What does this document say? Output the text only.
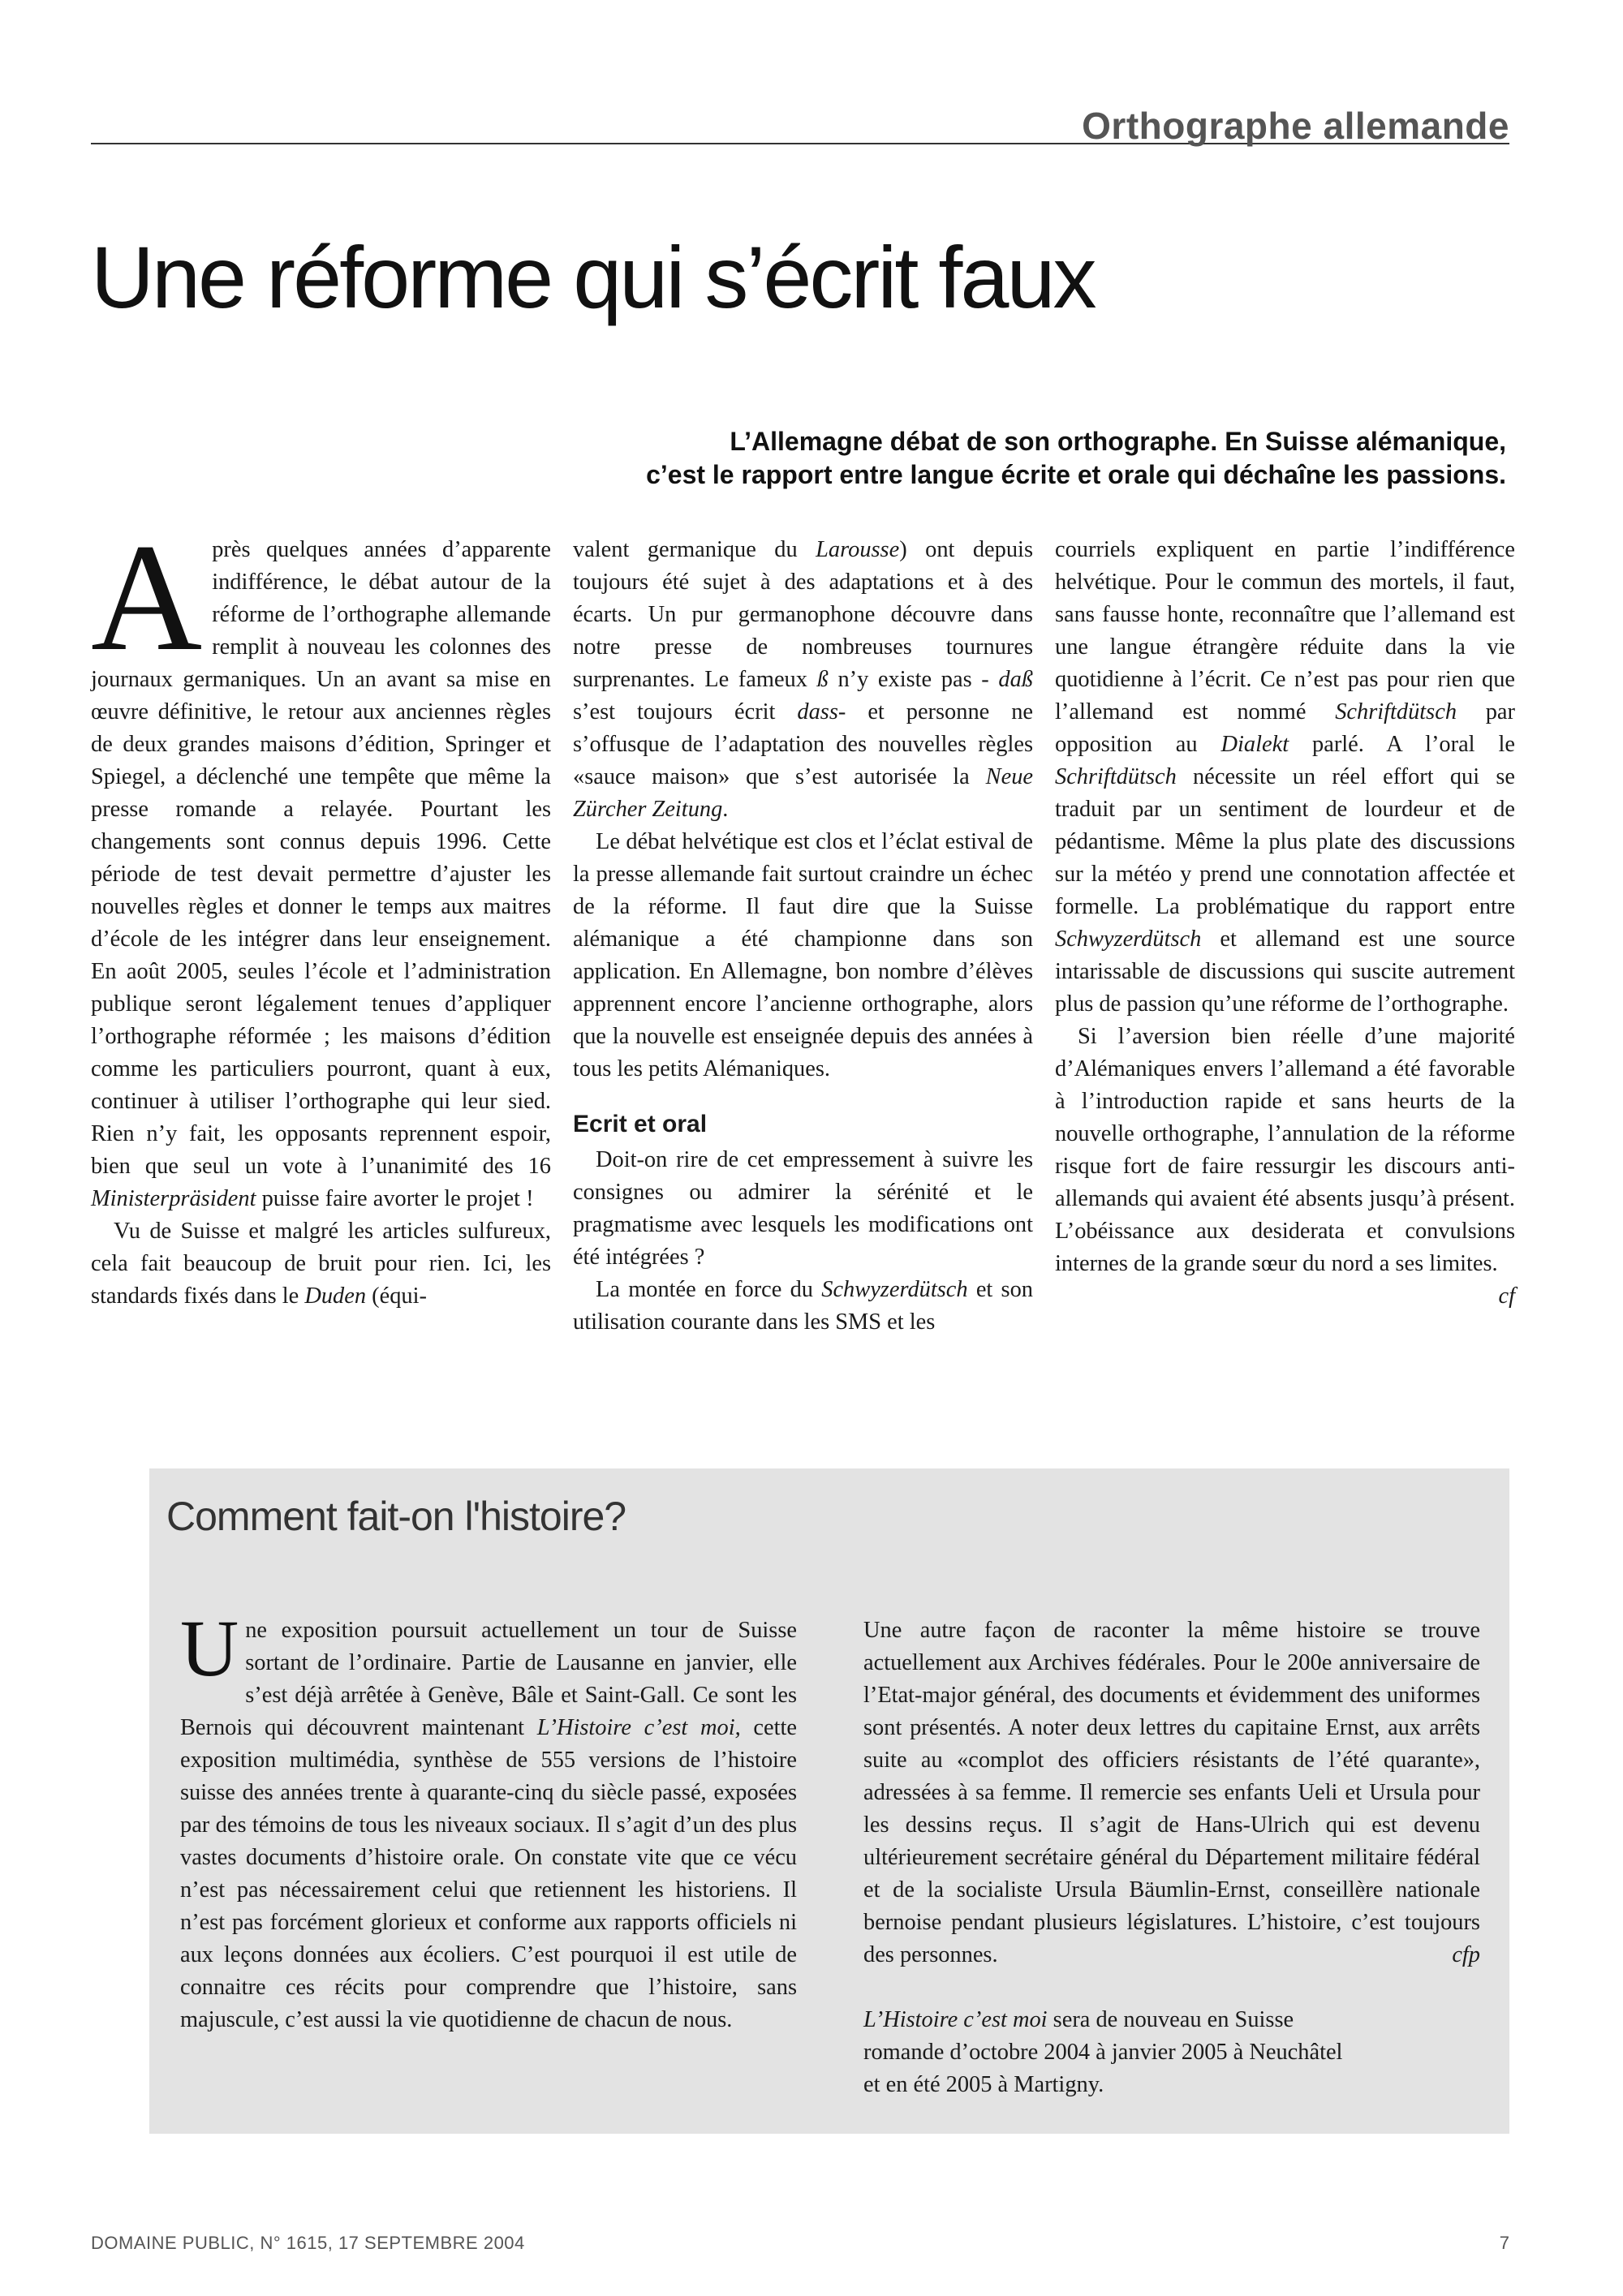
Orthographe allemande
Une réforme qui s’écrit faux

L’Allemagne débat de son orthographe. En Suisse alémanique,

c’est le rapport entre langue écrite et orale qui déchaîne les passions.

Après quelques années d’apparente indifférence, le débat autour de la réforme de l’orthographe allemande remplit à nouveau les colonnes des journaux germaniques. Un an avant sa mise en œuvre définitive, le retour aux anciennes règles de deux grandes maisons d’édition, Springer et Spiegel, a déclenché une tempête que même la presse romande a relayée. Pourtant les changements sont connus depuis 1996. Cette période de test devait permettre d’ajuster les nouvelles règles et donner le temps aux maitres d’école de les intégrer dans leur enseignement. En août 2005, seules l’école et l’administration publique seront légalement tenues d’appliquer l’orthographe réformée ; les maisons d’édition comme les particuliers pourront, quant à eux, continuer à utiliser l’orthographe qui leur sied. Rien n’y fait, les opposants reprennent espoir, bien que seul un vote à l’unanimité des 16 Ministerpräsident puisse faire avorter le projet !

Vu de Suisse et malgré les articles sulfureux, cela fait beaucoup de bruit pour rien. Ici, les standards fixés dans le Duden (équi-

valent germanique du Larousse) ont depuis toujours été sujet à des adaptations et à des écarts. Un pur germanophone découvre dans notre presse de nombreuses tournures surprenantes. Le fameux ß n’y existe pas - daß s’est toujours écrit dass- et personne ne s’offusque de l’adaptation des nouvelles règles «sauce maison» que s’est autorisée la Neue Zürcher Zeitung.

Le débat helvétique est clos et l’éclat estival de la presse allemande fait surtout craindre un échec de la réforme. Il faut dire que la Suisse alémanique a été championne dans son application. En Allemagne, bon nombre d’élèves apprennent encore l’ancienne orthographe, alors que la nouvelle est enseignée depuis des années à tous les petits Alémaniques.

Ecrit et oral

Doit-on rire de cet empressement à suivre les consignes ou admirer la sérénité et le pragmatisme avec lesquels les modifications ont été intégrées ?

La montée en force du Schwyzerdütsch et son utilisation courante dans les SMS et les

courriels expliquent en partie l’indifférence helvétique. Pour le commun des mortels, il faut, sans fausse honte, reconnaître que l’allemand est une langue étrangère réduite dans la vie quotidienne à l’écrit. Ce n’est pas pour rien que l’allemand est nommé Schriftdütsch par opposition au Dialekt parlé. A l’oral le Schriftdütsch nécessite un réel effort qui se traduit par un sentiment de lourdeur et de pédantisme. Même la plus plate des discussions sur la météo y prend une connotation affectée et formelle. La problématique du rapport entre Schwyzerdütsch et allemand est une source intarissable de discussions qui suscite autrement plus de passion qu’une réforme de l’orthographe.

Si l’aversion bien réelle d’une majorité d’Alémaniques envers l’allemand a été favorable à l’introduction rapide et sans heurts de la nouvelle orthographe, l’annulation de la réforme risque fort de faire ressurgir les discours anti-allemands qui avaient été absents jusqu’à présent. L’obéissance aux desiderata et convulsions internes de la grande sœur du nord a ses limites.
cf

Comment fait-on l'histoire?

Une exposition poursuit actuellement un tour de Suisse sortant de l’ordinaire. Partie de Lausanne en janvier, elle s’est déjà arrêtée à Genève, Bâle et Saint-Gall. Ce sont les Bernois qui découvrent maintenant L’Histoire c’est moi, cette exposition multimédia, synthèse de 555 versions de l’histoire suisse des années trente à quarante-cinq du siècle passé, exposées par des témoins de tous les niveaux sociaux. Il s’agit d’un des plus vastes documents d’histoire orale. On constate vite que ce vécu n’est pas nécessairement celui que retiennent les historiens. Il n’est pas forcément glorieux et conforme aux rapports officiels ni aux leçons données aux écoliers. C’est pourquoi il est utile de connaitre ces récits pour comprendre que l’histoire, sans majuscule, c’est aussi la vie quotidienne de chacun de nous.

Une autre façon de raconter la même histoire se trouve actuellement aux Archives fédérales. Pour le 200e anniversaire de l’Etat-major général, des documents et évidemment des uniformes sont présentés. A noter deux lettres du capitaine Ernst, aux arrêts suite au «complot des officiers résistants de l’été quarante», adressées à sa femme. Il remercie ses enfants Ueli et Ursula pour les dessins reçus. Il s’agit de Hans-Ulrich qui est devenu ultérieurement secrétaire général du Département militaire fédéral et de la socialiste Ursula Bäumlin-Ernst, conseillère nationale bernoise pendant plusieurs législatures. L’histoire, c’est toujours des personnes.	cfp

L’Histoire c’est moi sera de nouveau en Suisse
romande d’octobre 2004 à janvier 2005 à Neuchâtel
et en été 2005 à Martigny.

DOMAINE PUBLIC, N° 1615, 17 SEPTEMBRE 2004	7
